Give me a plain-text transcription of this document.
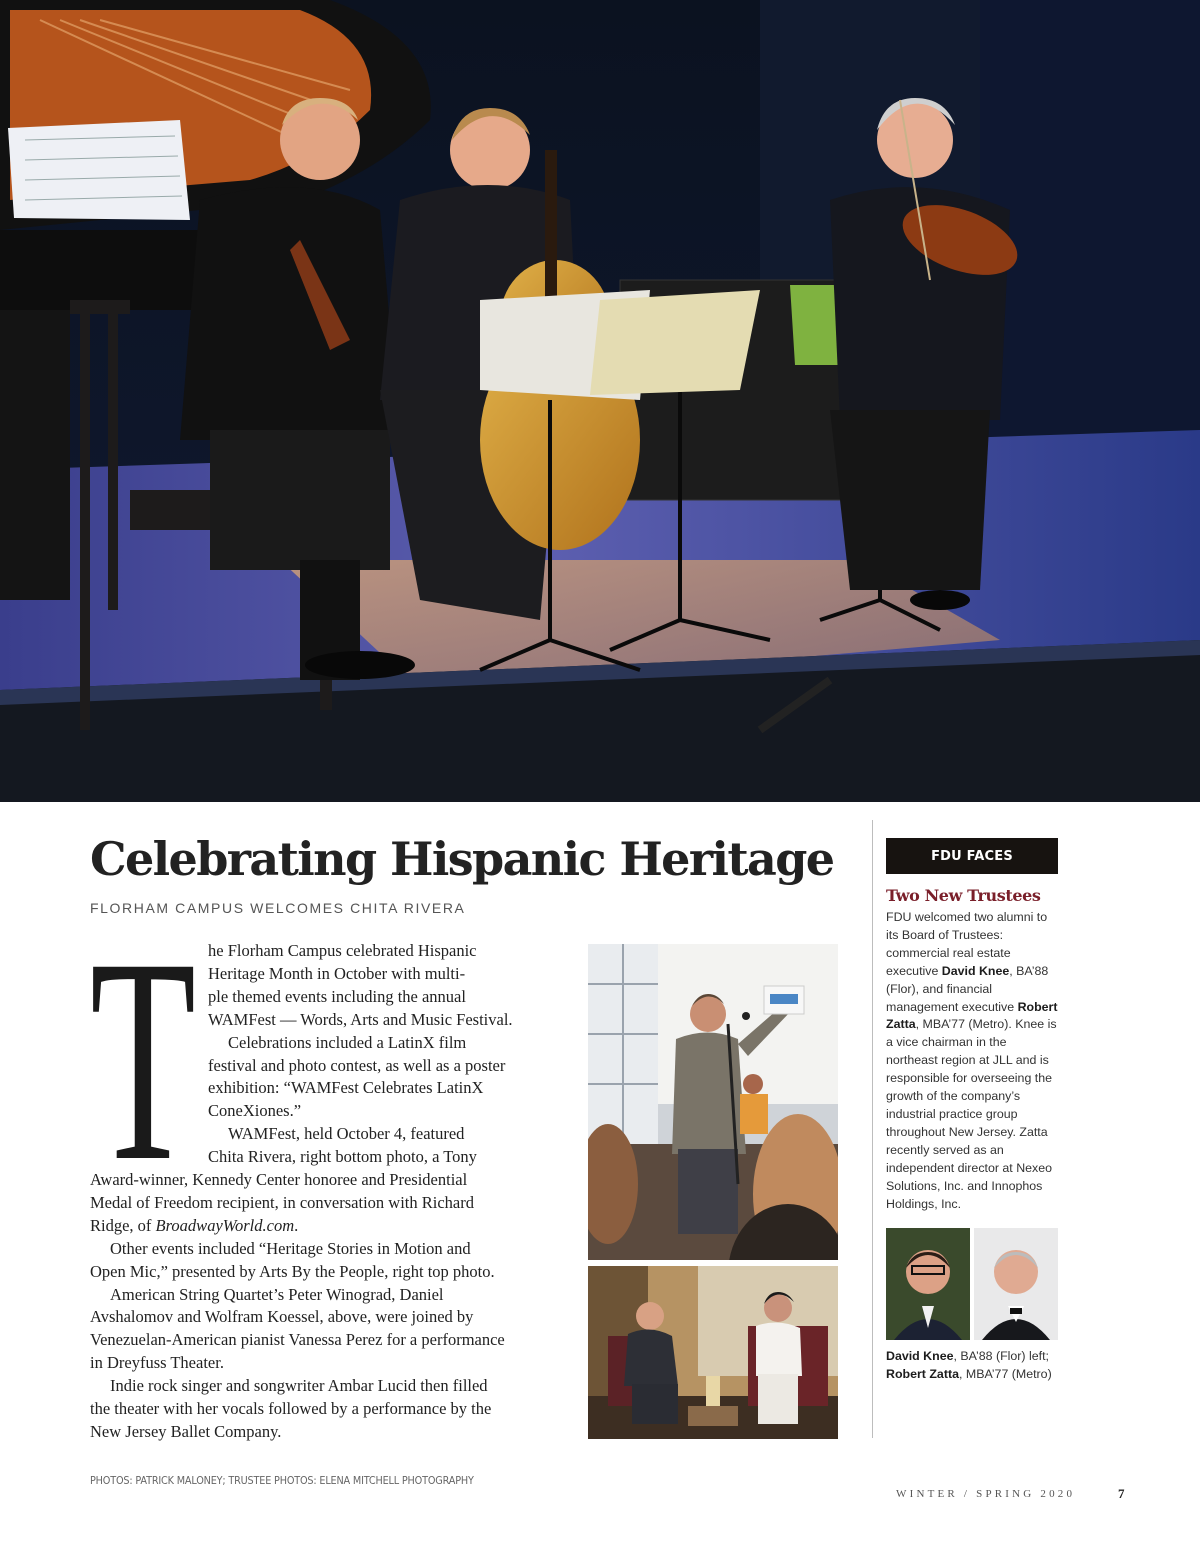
Celebrating Hispanic Heritage

FLORHAM CAMPUS WELCOMES CHITA RIVERA

T he Florham Campus celebrated Hispanic
Heritage Month in October with multi-
ple themed events including the annual
WAMFest — Words, Arts and Music Festival.
Celebrations included a LatinX film
festival and photo contest, as well as a poster
exhibition: “WAMFest Celebrates LatinX
ConeXiones.”
WAMFest, held October 4, featured
Chita Rivera, right bottom photo, a Tony
Award-winner, Kennedy Center honoree and Presidential
Medal of Freedom recipient, in conversation with Richard
Ridge, of BroadwayWorld.com.
Other events included “Heritage Stories in Motion and
Open Mic,” presented by Arts By the People, right top photo.
American String Quartet’s Peter Winograd, Daniel
Avshalomov and Wolfram Koessel, above, were joined by
Venezuelan-American pianist Vanessa Perez for a performance
in Dreyfuss Theater.
Indie rock singer and songwriter Ambar Lucid then filled
the theater with her vocals followed by a performance by the
New Jersey Ballet Company.
FDU FACES
Two New Trustees
FDU welcomed two alumni to its Board of Trustees: commercial real estate executive David Knee, BA’88 (Flor), and financial management executive Robert Zatta, MBA’77 (Metro). Knee is a vice chairman in the northeast region at JLL and is responsible for overseeing the growth of the company’s industrial practice group throughout New Jersey. Zatta recently served as an independent director at Nexeo Solutions, Inc. and Innophos Holdings, Inc.
David Knee, BA’88 (Flor) left;
Robert Zatta, MBA’77 (Metro)
PHOTOS: PATRICK MALONEY; TRUSTEE PHOTOS: ELENA MITCHELL PHOTOGRAPHY
WINTER / SPRING 2020	7
